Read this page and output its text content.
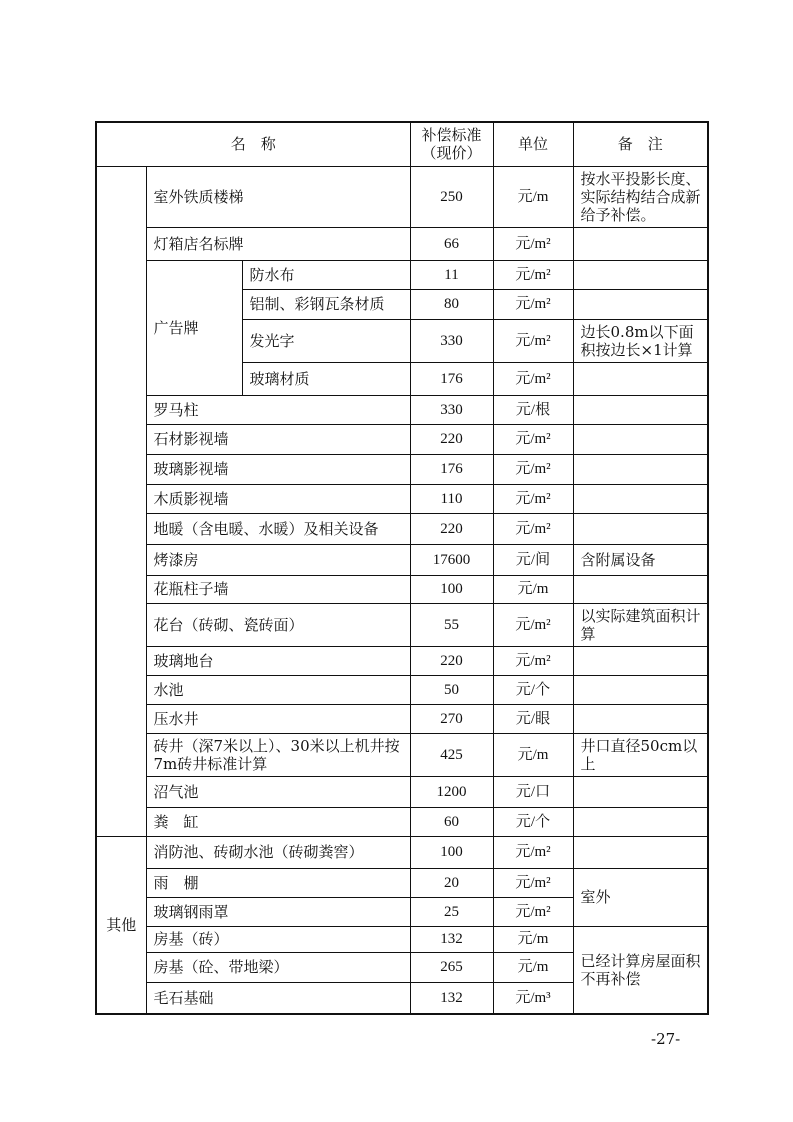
名　称			补偿标准
（现价）	单位	备　注
	室外铁质楼梯		250	元/m	按水平投影长度、实际结构结合成新给予补偿。
	灯箱店名标牌		66	元/m²	
	广告牌	防水布	11	元/m²	
		铝制、彩钢瓦条材质	80	元/m²	
		发光字	330	元/m²	边长0.8m以下面积按边长×1计算
		玻璃材质	176	元/m²	
	罗马柱		330	元/根	
	石材影视墙		220	元/m²	
	玻璃影视墙		176	元/m²	
	木质影视墙		110	元/m²	
	地暖（含电暖、水暖）及相关设备		220	元/m²	
	烤漆房		17600	元/间	含附属设备
	花瓶柱子墙		100	元/m	
	花台（砖砌、瓷砖面）		55	元/m²	以实际建筑面积计算
	玻璃地台		220	元/m²	
	水池		50	元/个	
	压水井		270	元/眼	
	砖井（深7米以上）、30米以上机井按7m砖井标准计算		425	元/m	井口直径50cm以上
	沼气池		1200	元/口	
	粪　缸		60	元/个	
其他	消防池、砖砌水池（砖砌粪窖）		100	元/m²	
	雨　棚		20	元/m²	室外
	玻璃钢雨罩		25	元/m²	
	房基（砖）		132	元/m	已经计算房屋面积不再补偿
	房基（砼、带地梁）		265	元/m	
	毛石基础		132	元/m³	
-27-
